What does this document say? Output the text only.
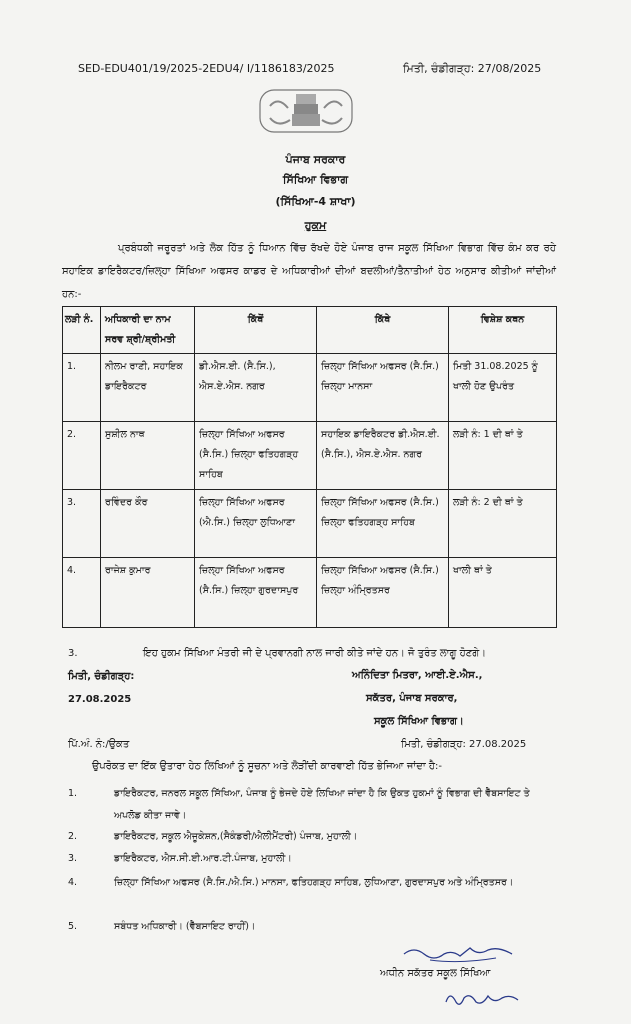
SED-EDU401/19/2025-2EDU4/ I/1186183/2025	ਮਿਤੀ, ਚੰਡੀਗੜ੍ਹ: 27/08/2025
ਪੰਜਾਬ ਸਰਕਾਰ
ਸਿੱਖਿਆ ਵਿਭਾਗ
(ਸਿੱਖਿਆ-4 ਸ਼ਾਖਾ)
ਹੁਕਮ
ਪ੍ਰਬੰਧਕੀ ਜਰੂਰਤਾਂ ਅਤੇ ਲੋਕ ਹਿੱਤ ਨੂੰ ਧਿਆਨ ਵਿੱਚ ਰੱਖਦੇ ਹੋਏ ਪੰਜਾਬ ਰਾਜ ਸਕੂਲ ਸਿੱਖਿਆ ਵਿਭਾਗ ਵਿੱਚ ਕੰਮ ਕਰ ਰਹੇ ਸਹਾਇਕ ਡਾਇਰੈਕਟਰ/ਜ਼ਿਲ੍ਹਾ ਸਿੱਖਿਆ ਅਫਸਰ ਕਾਡਰ ਦੇ ਅਧਿਕਾਰੀਆਂ ਦੀਆਂ ਬਦਲੀਆਂ/ਤੈਨਾਤੀਆਂ ਹੇਠ ਅਨੁਸਾਰ ਕੀਤੀਆਂ ਜਾਂਦੀਆਂ ਹਨ:-
ਲੜੀ ਨੰ.	ਅਧਿਕਾਰੀ ਦਾ ਨਾਮ ਸਰਵ ਸ਼੍ਰੀ/ਸ਼੍ਰੀਮਤੀ	ਕਿੱਥੋਂ	ਕਿੱਥੇ	ਵਿਸ਼ੇਸ਼ ਕਥਨ
1.	ਨੀਲਮ ਰਾਣੀ, ਸਹਾਇਕ ਡਾਇਰੈਕਟਰ	ਡੀ.ਐਸ.ਈ. (ਸੈ.ਸਿ.), ਐਸ.ਏ.ਐਸ. ਨਗਰ	ਜ਼ਿਲ੍ਹਾ ਸਿੱਖਿਆ ਅਫਸਰ (ਸੈ.ਸਿ.) ਜ਼ਿਲ੍ਹਾ ਮਾਨਸਾ	ਮਿਤੀ 31.08.2025 ਨੂੰ ਖਾਲੀ ਹੋਣ ਉਪਰੰਤ
2.	ਸੁਸ਼ੀਲ ਨਾਥ	ਜ਼ਿਲ੍ਹਾ ਸਿੱਖਿਆ ਅਫਸਰ (ਸੈ.ਸਿ.) ਜ਼ਿਲ੍ਹਾ ਫਤਿਹਗੜ੍ਹ ਸਾਹਿਬ	ਸਹਾਇਕ ਡਾਇਰੈਕਟਰ ਡੀ.ਐਸ.ਈ. (ਸੈ.ਸਿ.), ਐਸ.ਏ.ਐਸ. ਨਗਰ	ਲੜੀ ਨੰ: 1 ਦੀ ਥਾਂ ਤੇ
3.	ਰਵਿੰਦਰ ਕੌਰ	ਜ਼ਿਲ੍ਹਾ ਸਿੱਖਿਆ ਅਫਸਰ (ਐ.ਸਿ.) ਜ਼ਿਲ੍ਹਾ ਲੁਧਿਆਣਾ	ਜ਼ਿਲ੍ਹਾ ਸਿੱਖਿਆ ਅਫਸਰ (ਸੈ.ਸਿ.) ਜ਼ਿਲ੍ਹਾ ਫਤਿਹਗੜ੍ਹ ਸਾਹਿਬ	ਲੜੀ ਨੰ: 2 ਦੀ ਥਾਂ ਤੇ
4.	ਰਾਜੇਸ਼ ਕੁਮਾਰ	ਜ਼ਿਲ੍ਹਾ ਸਿੱਖਿਆ ਅਫਸਰ (ਸੈ.ਸਿ.) ਜ਼ਿਲ੍ਹਾ ਗੁਰਦਾਸਪੁਰ	ਜ਼ਿਲ੍ਹਾ ਸਿੱਖਿਆ ਅਫਸਰ (ਸੈ.ਸਿ.) ਜ਼ਿਲ੍ਹਾ ਅੰਮ੍ਰਿਤਸਰ	ਖਾਲੀ ਥਾਂ ਤੇ
3.	ਇਹ ਹੁਕਮ ਸਿੱਖਿਆ ਮੰਤਰੀ ਜੀ ਦੇ ਪ੍ਰਵਾਨਗੀ ਨਾਲ ਜਾਰੀ ਕੀਤੇ ਜਾਂਦੇ ਹਨ। ਜੋ ਤੁਰੰਤ ਲਾਗੂ ਹੋਣਗੇ।
ਮਿਤੀ, ਚੰਡੀਗੜ੍ਹ:
27.08.2025
ਅਨਿੰਦਿਤਾ ਮਿਤਰਾ, ਆਈ.ਏ.ਐਸ.,
ਸਕੱਤਰ, ਪੰਜਾਬ ਸਰਕਾਰ,
ਸਕੂਲ ਸਿੱਖਿਆ ਵਿਭਾਗ।
ਪਿੱ.ਅੰ. ਨੰ:/ਉਕਤ	ਮਿਤੀ, ਚੰਡੀਗੜ੍ਹ: 27.08.2025
ਉਪਰੋਕਤ ਦਾ ਇੱਕ ਉਤਾਰਾ ਹੇਠ ਲਿਖਿਆਂ ਨੂੰ ਸੂਚਨਾ ਅਤੇ ਲੋੜੀਂਦੀ ਕਾਰਵਾਈ ਹਿੱਤ ਭੇਜਿਆ ਜਾਂਦਾ ਹੈ:-
1.	ਡਾਇਰੈਕਟਰ, ਜਨਰਲ ਸਕੂਲ ਸਿੱਖਿਆ, ਪੰਜਾਬ ਨੂੰ ਭੇਜਦੇ ਹੋਏ ਲਿਖਿਆ ਜਾਂਦਾ ਹੈ ਕਿ ਉਕਤ ਹੁਕਮਾਂ ਨੂੰ ਵਿਭਾਗ ਦੀ ਵੈੱਬਸਾਇਟ ਤੇ ਅਪਲੋਡ ਕੀਤਾ ਜਾਵੇ।
2.	ਡਾਇਰੈਕਟਰ, ਸਕੂਲ ਐਜੂਕੇਸ਼ਨ,(ਸੈਕੰਡਰੀ/ਐਲੀਮੈਂਟਰੀ) ਪੰਜਾਬ, ਮੁਹਾਲੀ।
3.	ਡਾਇਰੈਕਟਰ, ਐਸ.ਸੀ.ਈ.ਆਰ.ਟੀ.ਪੰਜਾਬ, ਮੁਹਾਲੀ।
4.	ਜ਼ਿਲ੍ਹਾ ਸਿੱਖਿਆ ਅਫਸਰ (ਸੈ.ਸਿ./ਐ.ਸਿ.) ਮਾਨਸਾ, ਫਤਿਹਗੜ੍ਹ ਸਾਹਿਬ, ਲੁਧਿਆਣਾ, ਗੁਰਦਾਸਪੁਰ ਅਤੇ ਅੰਮ੍ਰਿਤਸਰ।
5.	ਸਬੰਧਤ ਅਧਿਕਾਰੀ। (ਵੈੱਬਸਾਇਟ ਰਾਹੀਂ)।
ਅਧੀਨ ਸਕੱਤਰ ਸਕੂਲ ਸਿੱਖਿਆ
